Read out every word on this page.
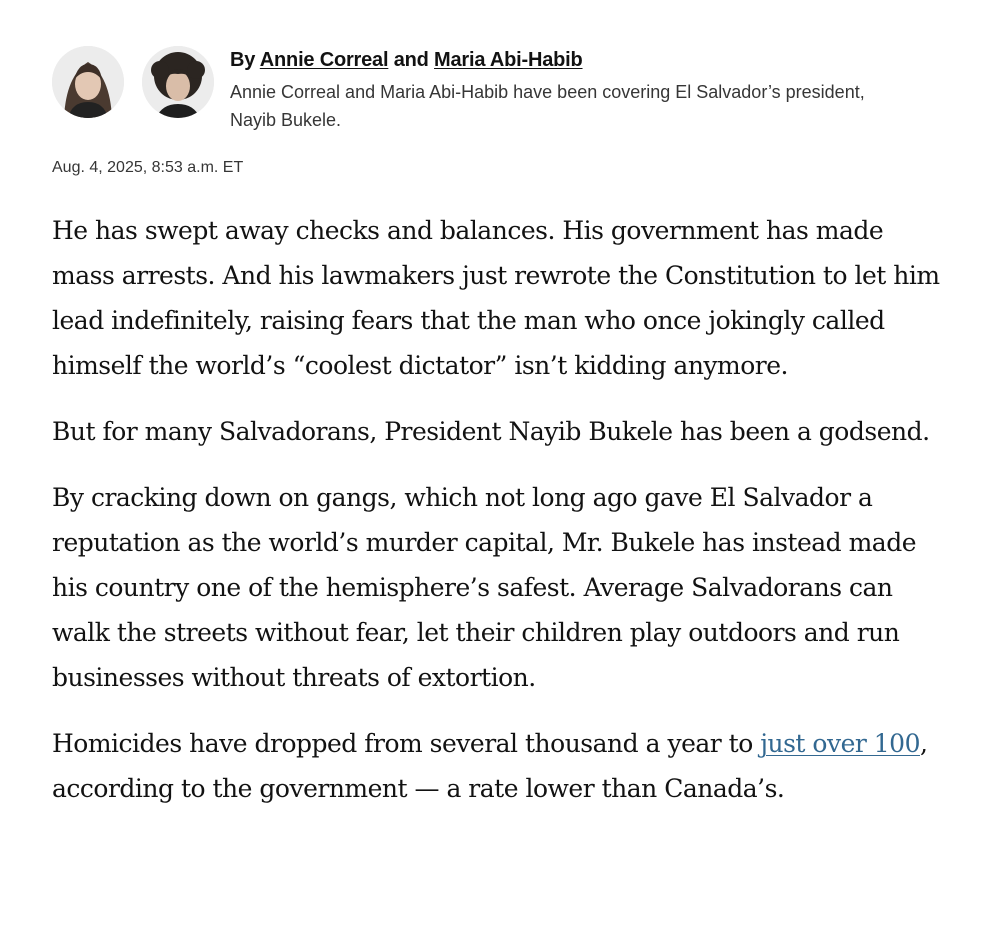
By Annie Correal and Maria Abi-Habib
Annie Correal and Maria Abi-Habib have been covering El Salvador’s president, Nayib Bukele.
Aug. 4, 2025, 8:53 a.m. ET

He has swept away checks and balances. His government has made mass arrests. And his lawmakers just rewrote the Constitution to let him lead indefinitely, raising fears that the man who once jokingly called himself the world’s “coolest dictator” isn’t kidding anymore.

But for many Salvadorans, President Nayib Bukele has been a godsend.

By cracking down on gangs, which not long ago gave El Salvador a reputation as the world’s murder capital, Mr. Bukele has instead made his country one of the hemisphere’s safest. Average Salvadorans can walk the streets without fear, let their children play outdoors and run businesses without threats of extortion.

Homicides have dropped from several thousand a year to just over 100, according to the government — a rate lower than Canada’s.
